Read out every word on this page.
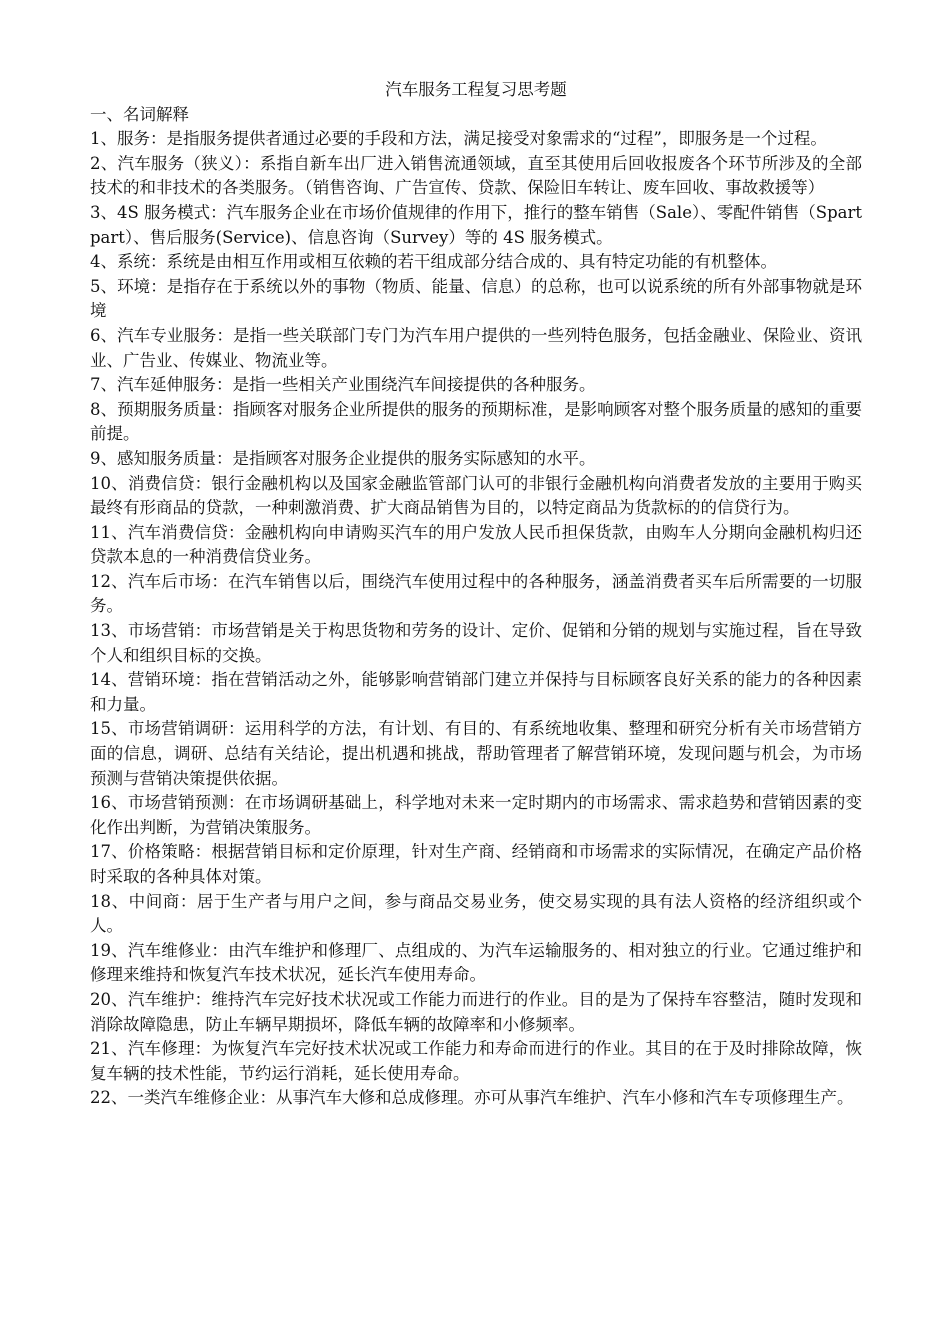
汽车服务工程复习思考题

一、名词解释

1、服务：是指服务提供者通过必要的手段和方法，满足接受对象需求的“过程”，即服务是一个过程。

2、汽车服务（狭义）：系指自新车出厂进入销售流通领域，直至其使用后回收报废各个环节所涉及的全部技术的和非技术的各类服务。（销售咨询、广告宣传、贷款、保险旧车转让、废车回收、事故救援等）

3、4S 服务模式：汽车服务企业在市场价值规律的作用下，推行的整车销售（Sale）、零配件销售（Spart part）、售后服务(Service)、信息咨询（Survey）等的 4S 服务模式。

4、系统：系统是由相互作用或相互依赖的若干组成部分结合成的、具有特定功能的有机整体。

5、环境：是指存在于系统以外的事物（物质、能量、信息）的总称，也可以说系统的所有外部事物就是环境

6、汽车专业服务：是指一些关联部门专门为汽车用户提供的一些列特色服务，包括金融业、保险业、资讯业、广告业、传媒业、物流业等。

7、汽车延伸服务：是指一些相关产业围绕汽车间接提供的各种服务。

8、预期服务质量：指顾客对服务企业所提供的服务的预期标准，是影响顾客对整个服务质量的感知的重要前提。

9、感知服务质量：是指顾客对服务企业提供的服务实际感知的水平。

10、消费信贷：银行金融机构以及国家金融监管部门认可的非银行金融机构向消费者发放的主要用于购买最终有形商品的贷款，一种刺激消费、扩大商品销售为目的，以特定商品为货款标的的信贷行为。

11、汽车消费信贷：金融机构向申请购买汽车的用户发放人民币担保货款，由购车人分期向金融机构归还贷款本息的一种消费信贷业务。

12、汽车后市场：在汽车销售以后，围绕汽车使用过程中的各种服务，涵盖消费者买车后所需要的一切服务。

13、市场营销：市场营销是关于构思货物和劳务的设计、定价、促销和分销的规划与实施过程，旨在导致个人和组织目标的交换。

14、营销环境：指在营销活动之外，能够影响营销部门建立并保持与目标顾客良好关系的能力的各种因素和力量。

15、市场营销调研：运用科学的方法，有计划、有目的、有系统地收集、整理和研究分析有关市场营销方面的信息，调研、总结有关结论，提出机遇和挑战，帮助管理者了解营销环境，发现问题与机会，为市场预测与营销决策提供依据。

16、市场营销预测：在市场调研基础上，科学地对未来一定时期内的市场需求、需求趋势和营销因素的变化作出判断，为营销决策服务。

17、价格策略：根据营销目标和定价原理，针对生产商、经销商和市场需求的实际情况，在确定产品价格时采取的各种具体对策。

18、中间商：居于生产者与用户之间，参与商品交易业务，使交易实现的具有法人资格的经济组织或个人。

19、汽车维修业：由汽车维护和修理厂、点组成的、为汽车运输服务的、相对独立的行业。它通过维护和修理来维持和恢复汽车技术状况，延长汽车使用寿命。

20、汽车维护：维持汽车完好技术状况或工作能力而进行的作业。目的是为了保持车容整洁，随时发现和消除故障隐患，防止车辆早期损坏，降低车辆的故障率和小修频率。

21、汽车修理：为恢复汽车完好技术状况或工作能力和寿命而进行的作业。其目的在于及时排除故障，恢复车辆的技术性能，节约运行消耗，延长使用寿命。

22、一类汽车维修企业：从事汽车大修和总成修理。亦可从事汽车维护、汽车小修和汽车专项修理生产。
